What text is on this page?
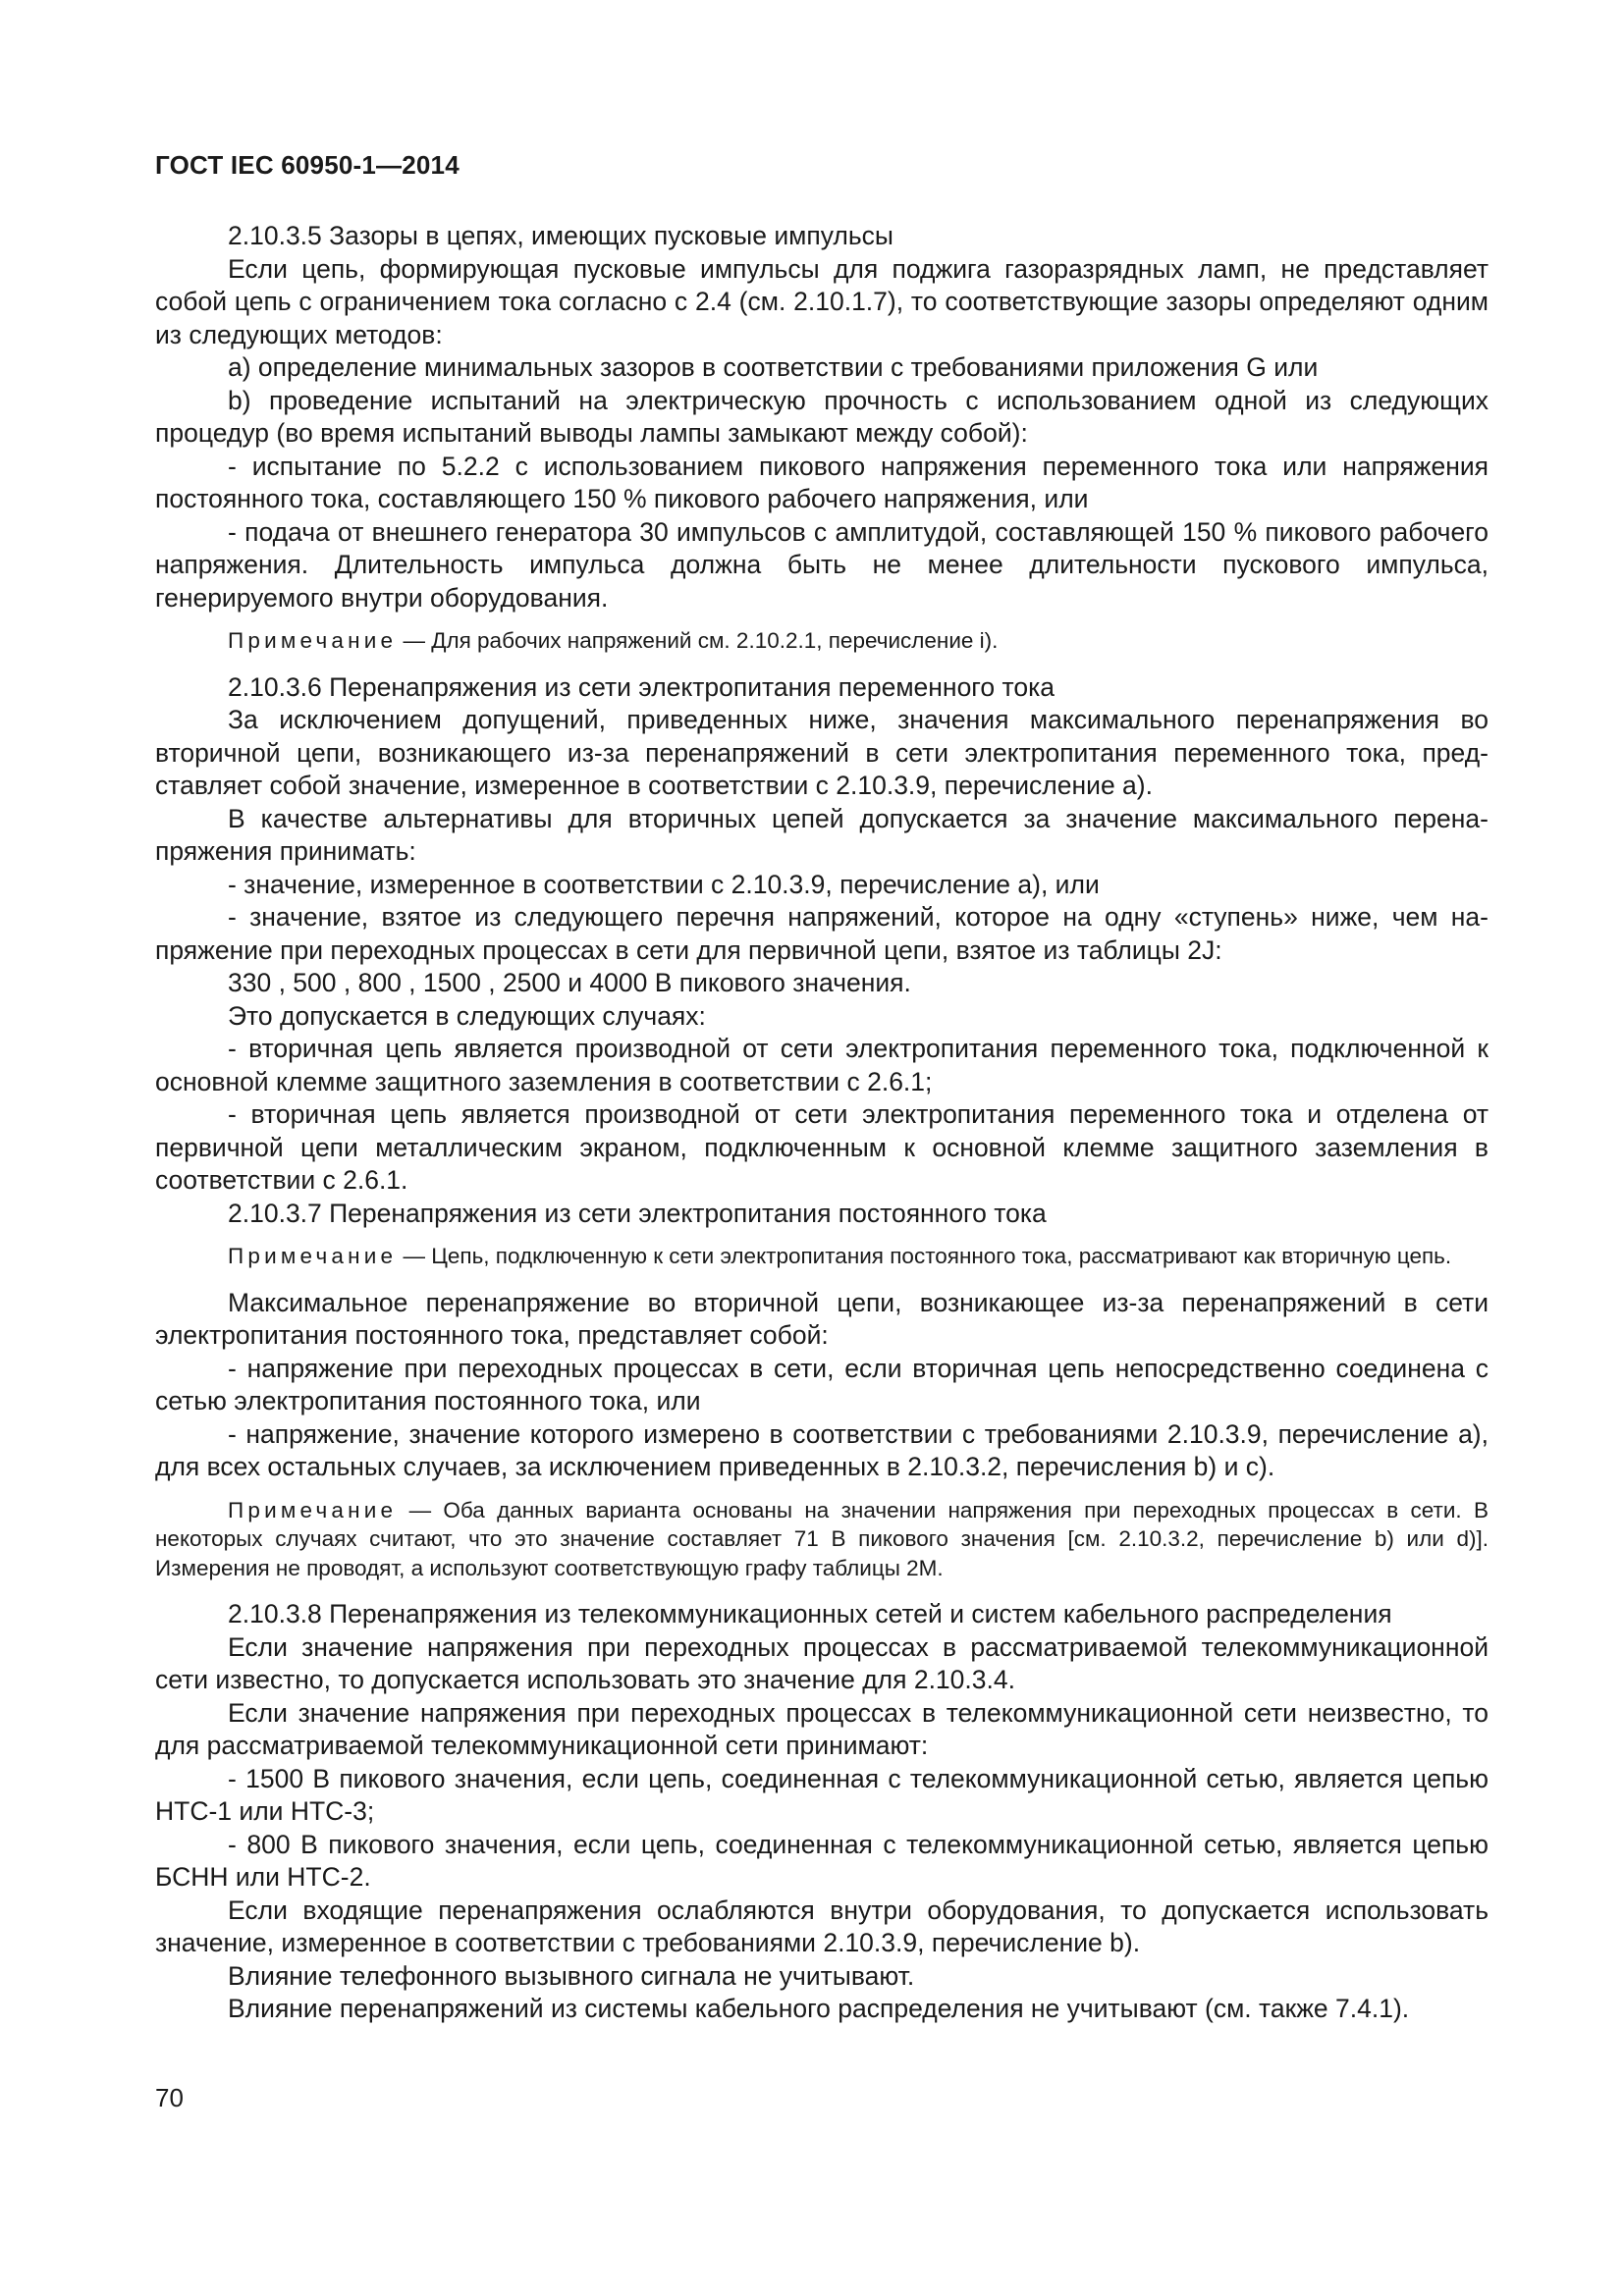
ГОСТ IEC 60950-1—2014

2.10.3.5 Зазоры в цепях, имеющих пусковые импульсы

Если цепь, формирующая пусковые импульсы для поджига газоразрядных ламп, не представляет собой цепь с ограничением тока согласно с 2.4 (см. 2.10.1.7), то соответствующие зазоры определяют одним из следующих методов:

а) определение минимальных зазоров в соответствии с требованиями приложения G или

b) проведение испытаний на электрическую прочность с использованием одной из следующих процедур (во время испытаний выводы лампы замыкают между собой):

- испытание по 5.2.2 с использованием пикового напряжения переменного тока или напряжения постоянного тока, составляющего 150 % пикового рабочего напряжения, или

- подача от внешнего генератора 30 импульсов с амплитудой, составляющей 150 % пикового рабочего напряжения. Длительность импульса должна быть не менее длительности пускового импульса, генерируемого внутри оборудования.

Примечание — Для рабочих напряжений см. 2.10.2.1, перечисление i).

2.10.3.6 Перенапряжения из сети электропитания переменного тока

За исключением допущений, приведенных ниже, значения максимального перенапряжения во вторичной цепи, возникающего из-за перенапряжений в сети электропитания переменного тока, представляет собой значение, измеренное в соответствии с 2.10.3.9, перечисление а).

В качестве альтернативы для вторичных цепей допускается за значение максимального перенапряжения принимать:

- значение, измеренное в соответствии с 2.10.3.9, перечисление а), или

- значение, взятое из следующего перечня напряжений, которое на одну «ступень» ниже, чем напряжение при переходных процессах в сети для первичной цепи, взятое из таблицы 2J:

330 , 500 , 800 , 1500 , 2500 и 4000 В пикового значения.

Это допускается в следующих случаях:

- вторичная цепь является производной от сети электропитания переменного тока, подключенной к основной клемме защитного заземления в соответствии с 2.6.1;

- вторичная цепь является производной от сети электропитания переменного тока и отделена от первичной цепи металлическим экраном, подключенным к основной клемме защитного заземления в соответствии с 2.6.1.

2.10.3.7 Перенапряжения из сети электропитания постоянного тока

Примечание — Цепь, подключенную к сети электропитания постоянного тока, рассматривают как вторичную цепь.

Максимальное перенапряжение во вторичной цепи, возникающее из-за перенапряжений в сети электропитания постоянного тока, представляет собой:

- напряжение при переходных процессах в сети, если вторичная цепь непосредственно соединена с сетью электропитания постоянного тока, или

- напряжение, значение которого измерено в соответствии с требованиями 2.10.3.9, перечисление а), для всех остальных случаев, за исключением приведенных в 2.10.3.2, перечисления b) и с).

Примечание — Оба данных варианта основаны на значении напряжения при переходных процессах в сети. В некоторых случаях считают, что это значение составляет 71 В пикового значения [см. 2.10.3.2, перечисление b) или d)]. Измерения не проводят, а используют соответствующую графу таблицы 2М.

2.10.3.8 Перенапряжения из телекоммуникационных сетей и систем кабельного распределения

Если значение напряжения при переходных процессах в рассматриваемой телекоммуникационной сети известно, то допускается использовать это значение для 2.10.3.4.

Если значение напряжения при переходных процессах в телекоммуникационной сети неизвестно, то для рассматриваемой телекоммуникационной сети принимают:

- 1500 В пикового значения, если цепь, соединенная с телекоммуникационной сетью, является цепью НТС-1 или НТС-3;

- 800 В пикового значения, если цепь, соединенная с телекоммуникационной сетью, является цепью БСНН или НТС-2.

Если входящие перенапряжения ослабляются внутри оборудования, то допускается использовать значение, измеренное в соответствии с требованиями 2.10.3.9, перечисление b).

Влияние телефонного вызывного сигнала не учитывают.

Влияние перенапряжений из системы кабельного распределения не учитывают (см. также 7.4.1).

70
